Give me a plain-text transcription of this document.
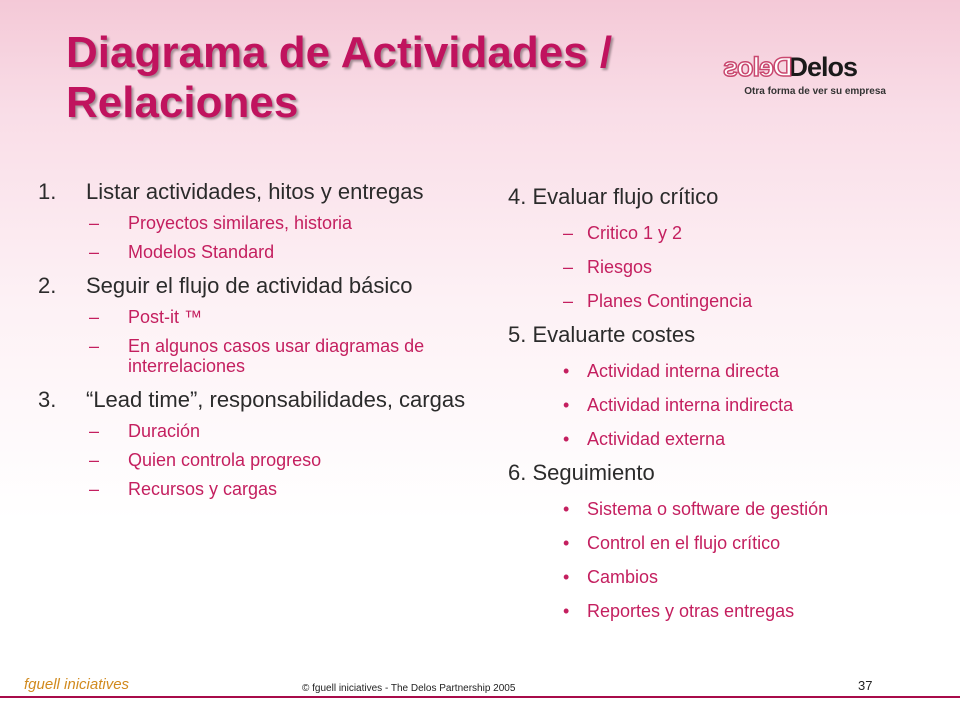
Diagrama de Actividades / Relaciones
DelosDelos
Otra forma de ver su empresa
1.	Listar actividades, hitos y entregas
–	Proyectos similares, historia
–	Modelos Standard
2.	Seguir el flujo de actividad básico
–	Post-it ™
–	En algunos casos usar diagramas de interrelaciones
3.	“Lead time”, responsabilidades, cargas
–	Duración
–	Quien controla progreso
–	Recursos y cargas
4. Evaluar flujo crítico
– Critico 1 y 2
– Riesgos
– Planes Contingencia
5. Evaluarte costes
• Actividad interna directa
• Actividad interna indirecta
• Actividad externa
6. Seguimiento
• Sistema o software de gestión
• Control en el flujo crítico
• Cambios
• Reportes y otras entregas
fguell iniciatives	© fguell iniciatives - The Delos Partnership 2005	37
